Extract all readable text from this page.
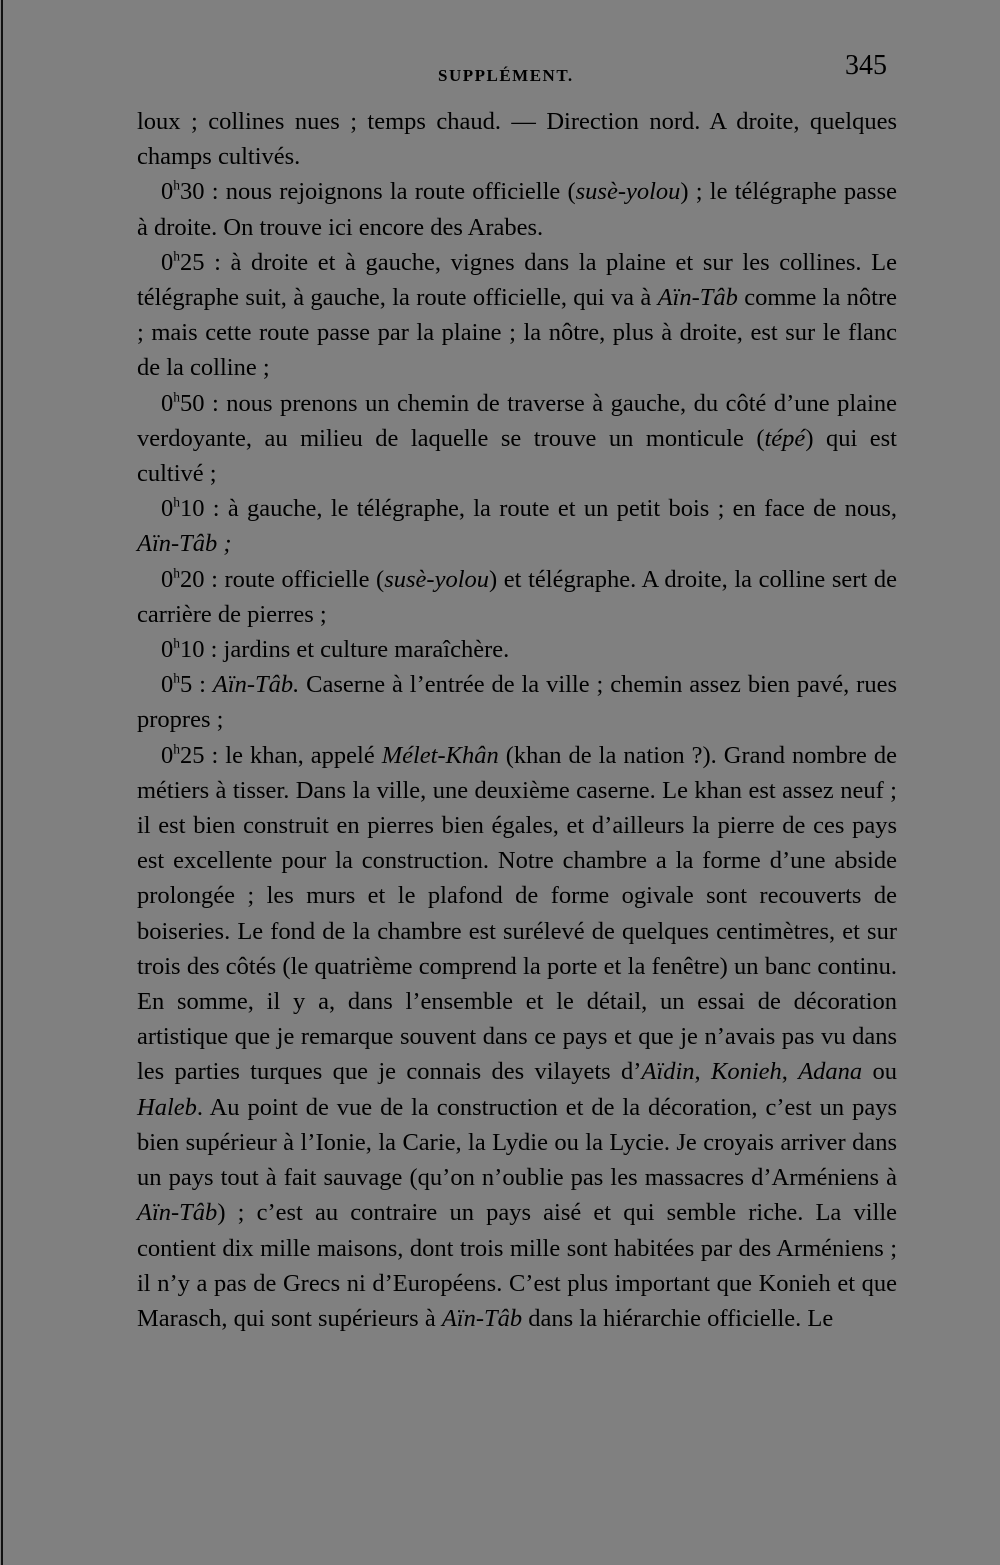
SUPPLÉMENT.	345

loux ; collines nues ; temps chaud. — Direction nord. A droite, quelques champs cultivés.

0$^h$30 : nous rejoignons la route officielle (susè-yolou) ; le télégraphe passe à droite. On trouve ici encore des Arabes.

0$^h$25 : à droite et à gauche, vignes dans la plaine et sur les collines. Le télégraphe suit, à gauche, la route officielle, qui va à Aïn-Tâb comme la nôtre ; mais cette route passe par la plaine ; la nôtre, plus à droite, est sur le flanc de la colline ;

0$^h$50 : nous prenons un chemin de traverse à gauche, du côté d’une plaine verdoyante, au milieu de laquelle se trouve un monticule (tépé) qui est cultivé ;

0$^h$10 : à gauche, le télégraphe, la route et un petit bois ; en face de nous, Aïn-Tâb ;

0$^h$20 : route officielle (susè-yolou) et télégraphe. A droite, la colline sert de carrière de pierres ;

0$^h$10 : jardins et culture maraîchère.

0$^h$5 : Aïn-Tâb. Caserne à l’entrée de la ville ; chemin assez bien pavé, rues propres ;

0$^h$25 : le khan, appelé Mélet-Khân (khan de la nation ?). Grand nombre de métiers à tisser. Dans la ville, une deuxième caserne. Le khan est assez neuf ; il est bien construit en pierres bien égales, et d’ailleurs la pierre de ces pays est excellente pour la construction. Notre chambre a la forme d’une abside prolongée ; les murs et le plafond de forme ogivale sont recouverts de boiseries. Le fond de la chambre est surélevé de quelques centimètres, et sur trois des côtés (le quatrième comprend la porte et la fenêtre) un banc continu. En somme, il y a, dans l’ensemble et le détail, un essai de décoration artistique que je remarque souvent dans ce pays et que je n’avais pas vu dans les parties turques que je connais des vilayets d’Aïdin, Konieh, Adana ou Haleb. Au point de vue de la construction et de la décoration, c’est un pays bien supérieur à l’Ionie, la Carie, la Lydie ou la Lycie. Je croyais arriver dans un pays tout à fait sauvage (qu’on n’oublie pas les massacres d’Arméniens à Aïn-Tâb) ; c’est au contraire un pays aisé et qui semble riche. La ville contient dix mille maisons, dont trois mille sont habitées par des Arméniens ; il n’y a pas de Grecs ni d’Européens. C’est plus important que Konieh et que Marasch, qui sont supérieurs à Aïn-Tâb dans la hiérarchie officielle. Le
